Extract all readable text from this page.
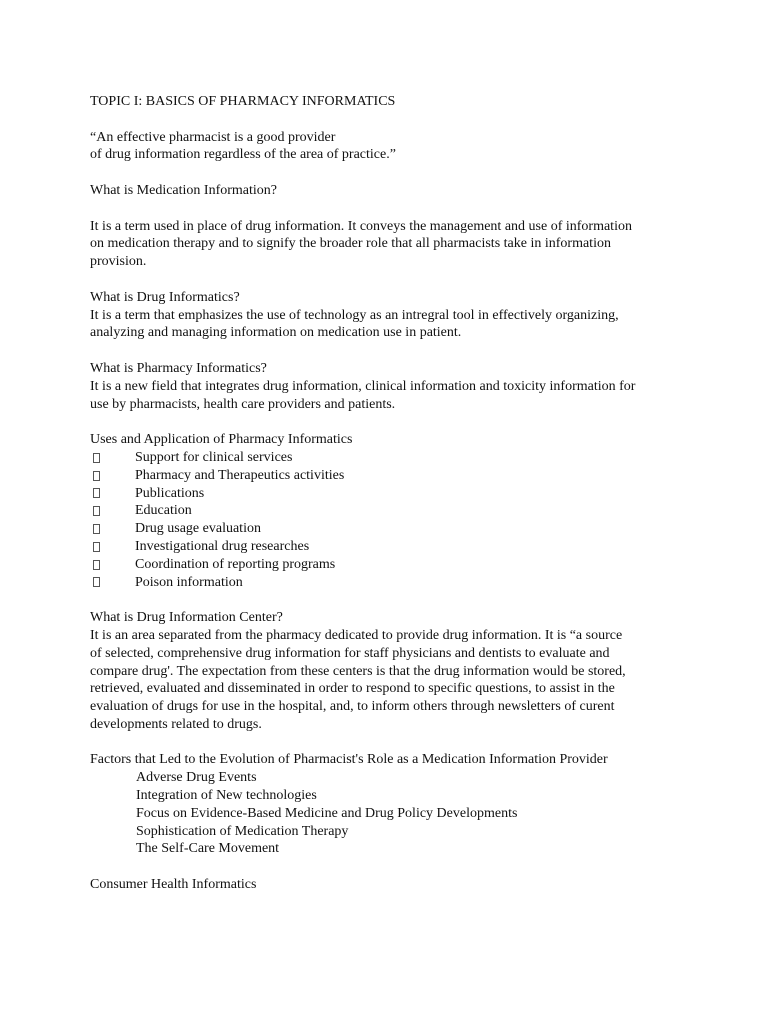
TOPIC I: BASICS OF PHARMACY INFORMATICS
“An effective pharmacist is a good provider
of drug information regardless of the area of practice.”
What is Medication Information?
It is a term used in place of drug information. It conveys the management and use of information
on medication therapy and to signify the broader role that all pharmacists take in information
provision.
What is Drug Informatics?
It is a term that emphasizes the use of technology as an intregral tool in effectively organizing,
analyzing and managing information on medication use in patient.
What is Pharmacy Informatics?
It is a new field that integrates drug information, clinical information and toxicity information for
use by pharmacists, health care providers and patients.
Uses and Application of Pharmacy Informatics
Support for clinical services
Pharmacy and Therapeutics activities
Publications
Education
Drug usage evaluation
Investigational drug researches
Coordination of reporting programs
Poison information
What is Drug Information Center?
It is an area separated from the pharmacy dedicated to provide drug information. It is “a source
of selected, comprehensive drug information for staff physicians and dentists to evaluate and
compare drug'. The expectation from these centers is that the drug information would be stored,
retrieved, evaluated and disseminated in order to respond to specific questions, to assist in the
evaluation of drugs for use in the hospital, and, to inform others through newsletters of curent
developments related to drugs.
Factors that Led to the Evolution of Pharmacist's Role as a Medication Information Provider
Adverse Drug Events
Integration of New technologies
Focus on Evidence-Based Medicine and Drug Policy Developments
Sophistication of Medication Therapy
The Self-Care Movement
Consumer Health Informatics
